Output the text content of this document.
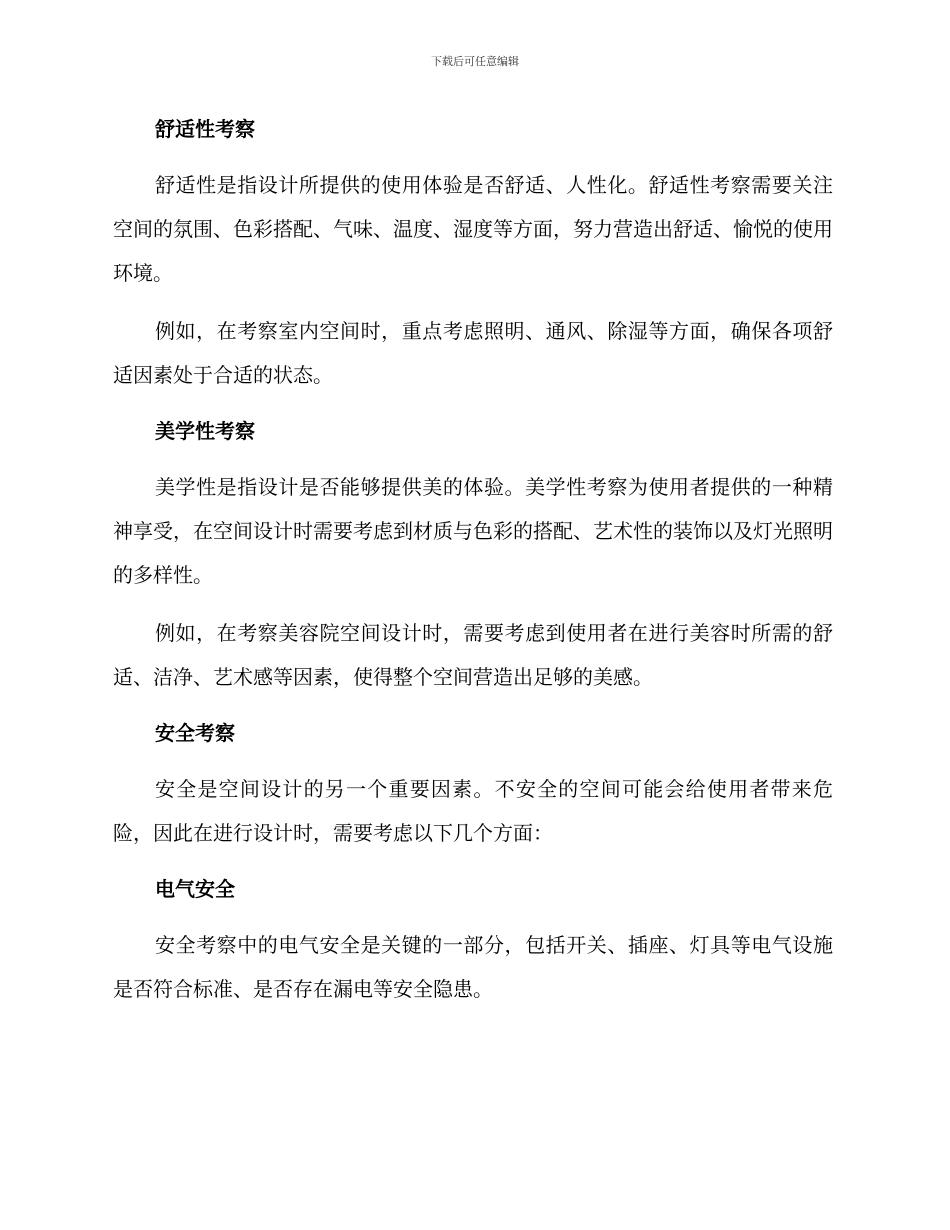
下载后可任意编辑
舒适性考察

舒适性是指设计所提供的使用体验是否舒适、人性化。舒适性考察需要关注空间的氛围、色彩搭配、气味、温度、湿度等方面，努力营造出舒适、愉悦的使用环境。

例如，在考察室内空间时，重点考虑照明、通风、除湿等方面，确保各项舒适因素处于合适的状态。

美学性考察

美学性是指设计是否能够提供美的体验。美学性考察为使用者提供的一种精神享受，在空间设计时需要考虑到材质与色彩的搭配、艺术性的装饰以及灯光照明的多样性。

例如，在考察美容院空间设计时，需要考虑到使用者在进行美容时所需的舒适、洁净、艺术感等因素，使得整个空间营造出足够的美感。

安全考察

安全是空间设计的另一个重要因素。不安全的空间可能会给使用者带来危险，因此在进行设计时，需要考虑以下几个方面：

电气安全

安全考察中的电气安全是关键的一部分，包括开关、插座、灯具等电气设施是否符合标准、是否存在漏电等安全隐患。
